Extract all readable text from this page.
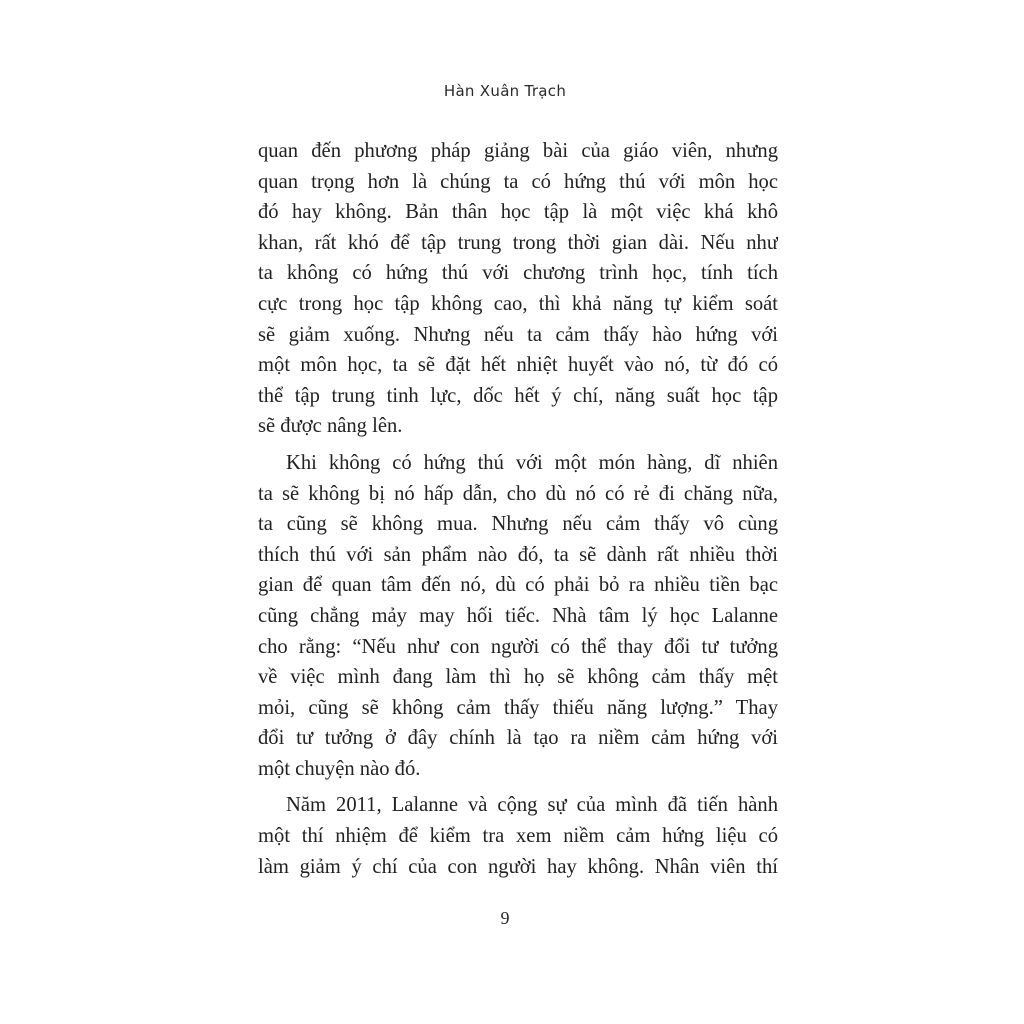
Hàn Xuân Trạch

quan đến phương pháp giảng bài của giáo viên, nhưng
quan trọng hơn là chúng ta có hứng thú với môn học
đó hay không. Bản thân học tập là một việc khá khô
khan, rất khó để tập trung trong thời gian dài. Nếu như
ta không có hứng thú với chương trình học, tính tích
cực trong học tập không cao, thì khả năng tự kiểm soát
sẽ giảm xuống. Nhưng nếu ta cảm thấy hào hứng với
một môn học, ta sẽ đặt hết nhiệt huyết vào nó, từ đó có
thể tập trung tinh lực, dốc hết ý chí, năng suất học tập
sẽ được nâng lên.

Khi không có hứng thú với một món hàng, dĩ nhiên
ta sẽ không bị nó hấp dẫn, cho dù nó có rẻ đi chăng nữa,
ta cũng sẽ không mua. Nhưng nếu cảm thấy vô cùng
thích thú với sản phẩm nào đó, ta sẽ dành rất nhiều thời
gian để quan tâm đến nó, dù có phải bỏ ra nhiều tiền bạc
cũng chẳng mảy may hối tiếc. Nhà tâm lý học Lalanne
cho rằng: “Nếu như con người có thể thay đổi tư tưởng
về việc mình đang làm thì họ sẽ không cảm thấy mệt
mỏi, cũng sẽ không cảm thấy thiếu năng lượng.” Thay
đổi tư tưởng ở đây chính là tạo ra niềm cảm hứng với
một chuyện nào đó.

Năm 2011, Lalanne và cộng sự của mình đã tiến hành
một thí nhiệm để kiểm tra xem niềm cảm hứng liệu có
làm giảm ý chí của con người hay không. Nhân viên thí

9
